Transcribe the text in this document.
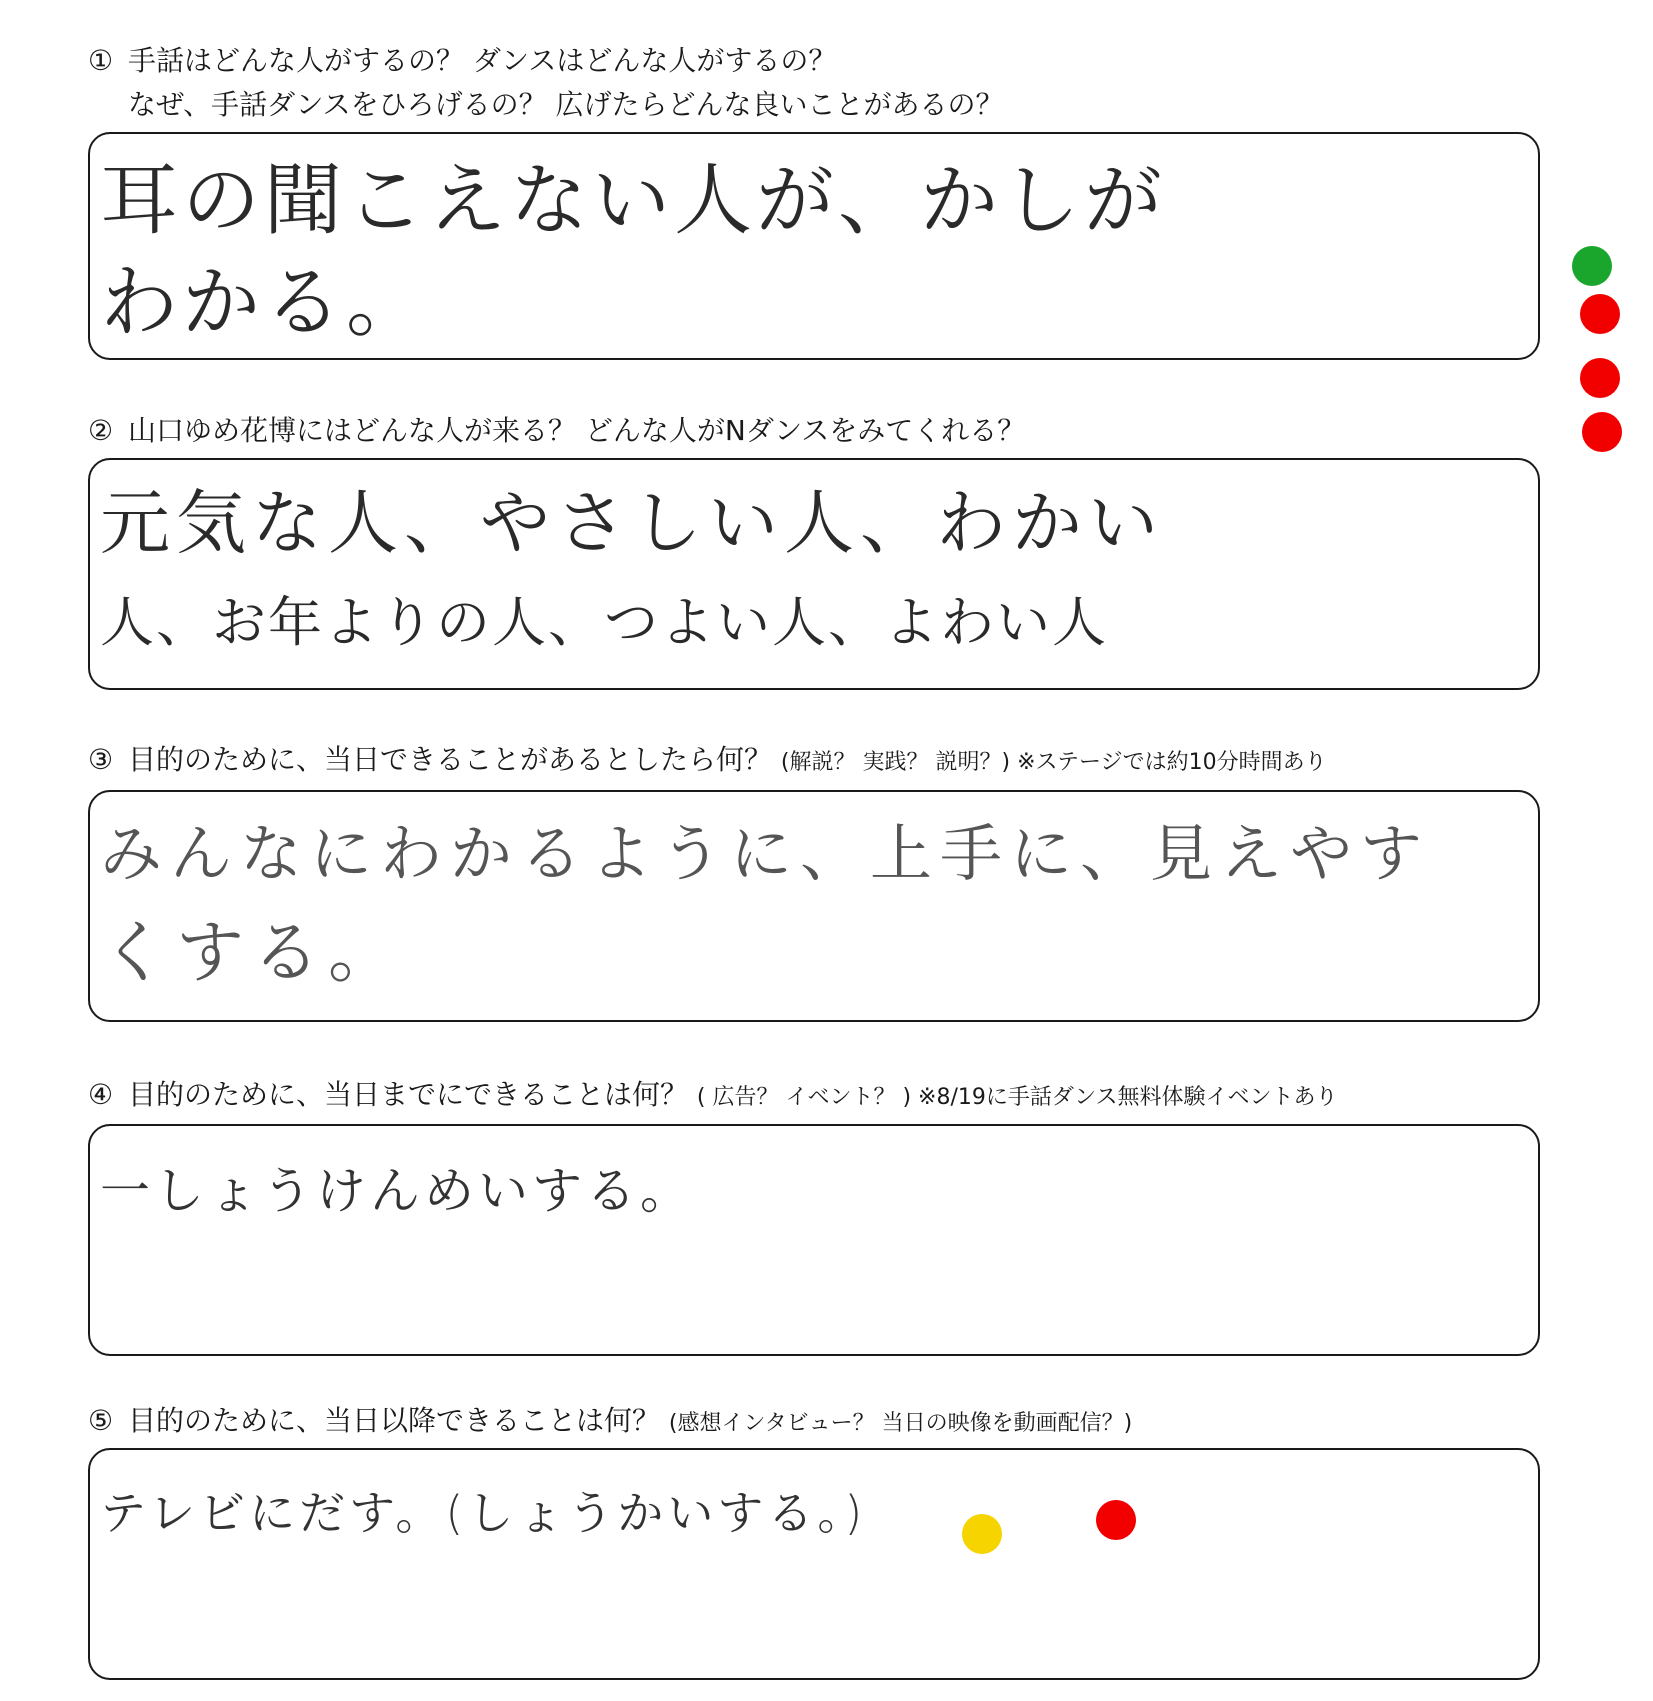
① 手話はどんな人がするの？ ダンスはどんな人がするの？
なぜ、手話ダンスをひろげるの？ 広げたらどんな良いことがあるの？
耳の聞こえない人が、かしが
わかる。
② 山口ゆめ花博にはどんな人が来る？ どんな人がNダンスをみてくれる？
元気な人、やさしい人、わかい
人、お年よりの人、つよい人、よわい人
③ 目的のために、当日できることがあるとしたら何？ (解説？ 実践？ 説明？) ※ステージでは約10分時間あり
みんなにわかるように、上手に、見えやす
くする。
④ 目的のために、当日までにできることは何？ ( 広告？ イベント？ ) ※8/19に手話ダンス無料体験イベントあり
一しょうけんめいする。
⑤ 目的のために、当日以降できることは何？ (感想インタビュー？ 当日の映像を動画配信？)
テレビにだす。(しょうかいする。)
